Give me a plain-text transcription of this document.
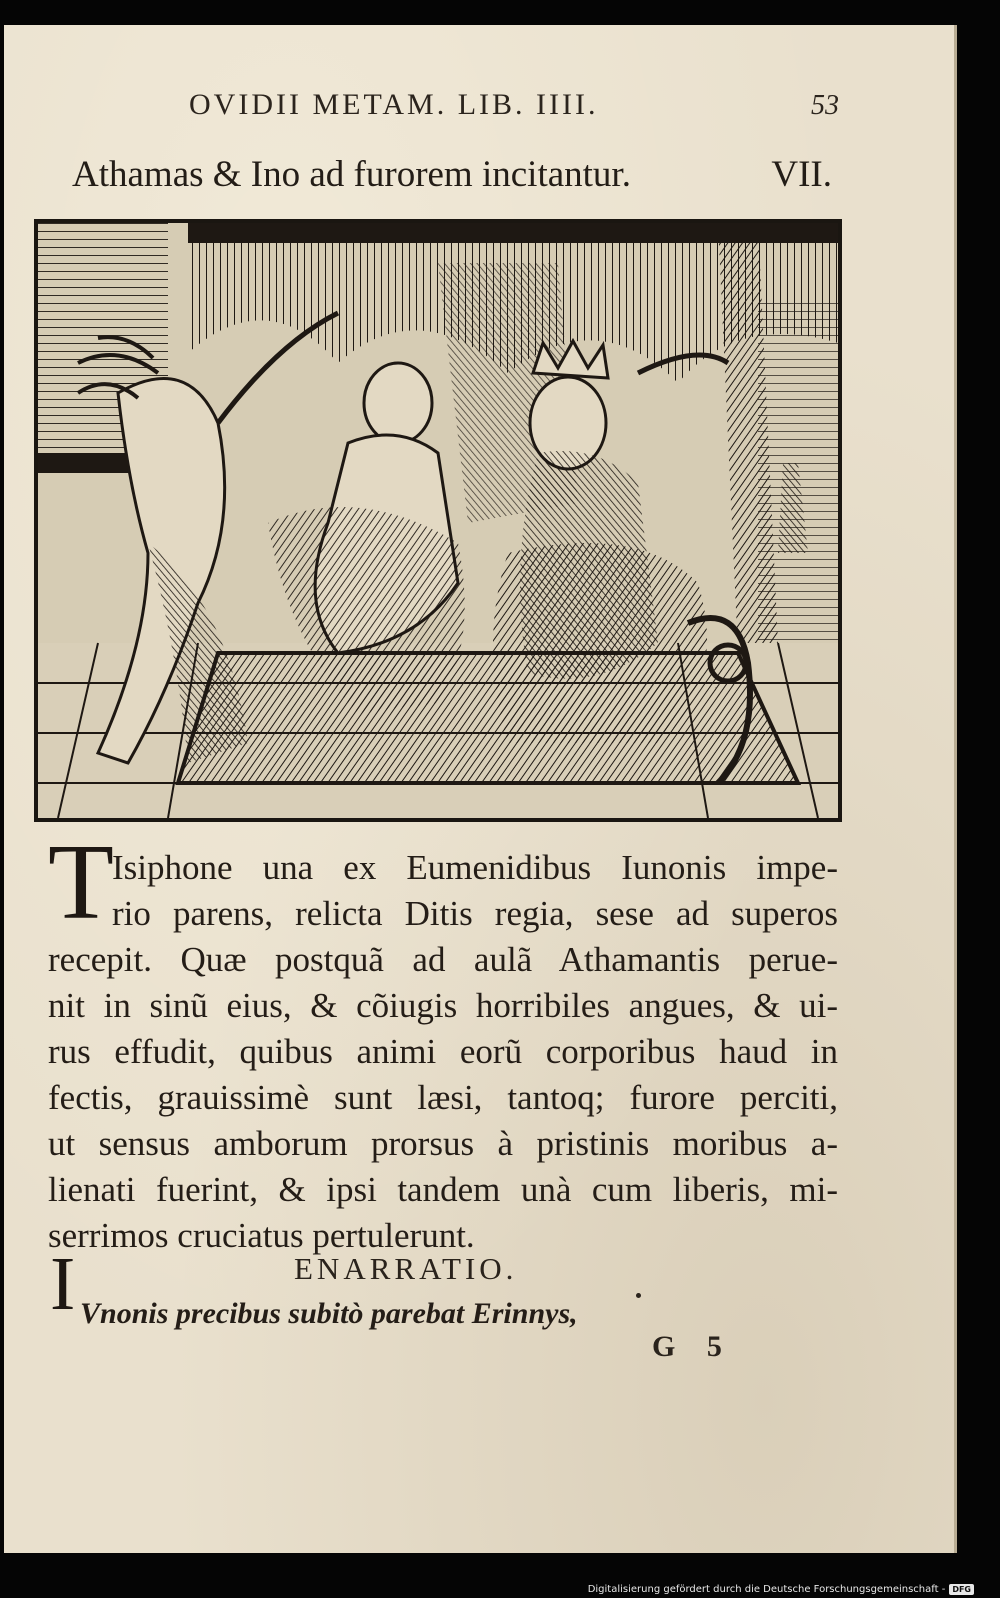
OVIDII METAM. LIB. IIII.	53
Athamas & Ino ad furorem incitantur.	VII.
T
Isiphone una ex Eumenidibus Iunonis impe-
rio parens, relicta Ditis regia, sese ad superos
recepit. Quæ postquã ad aulã Athamantis perue-
nit in sinũ eius, & cõiugis horribiles angues, & ui-
rus effudit, quibus animi eorũ corporibus haud in
fectis, grauissimè sunt læsi, tantoq; furore perciti,
ut sensus amborum prorsus à pristinis moribus a-
lienati fuerint, & ipsi tandem unà cum liberis, mi-
serrimos cruciatus pertulerunt.
I	ENARRATIO.
Vnonis precibus subitò parebat Erinnys,
G 5
Digitalisierung gefördert durch die Deutsche Forschungsgemeinschaft - DFG
